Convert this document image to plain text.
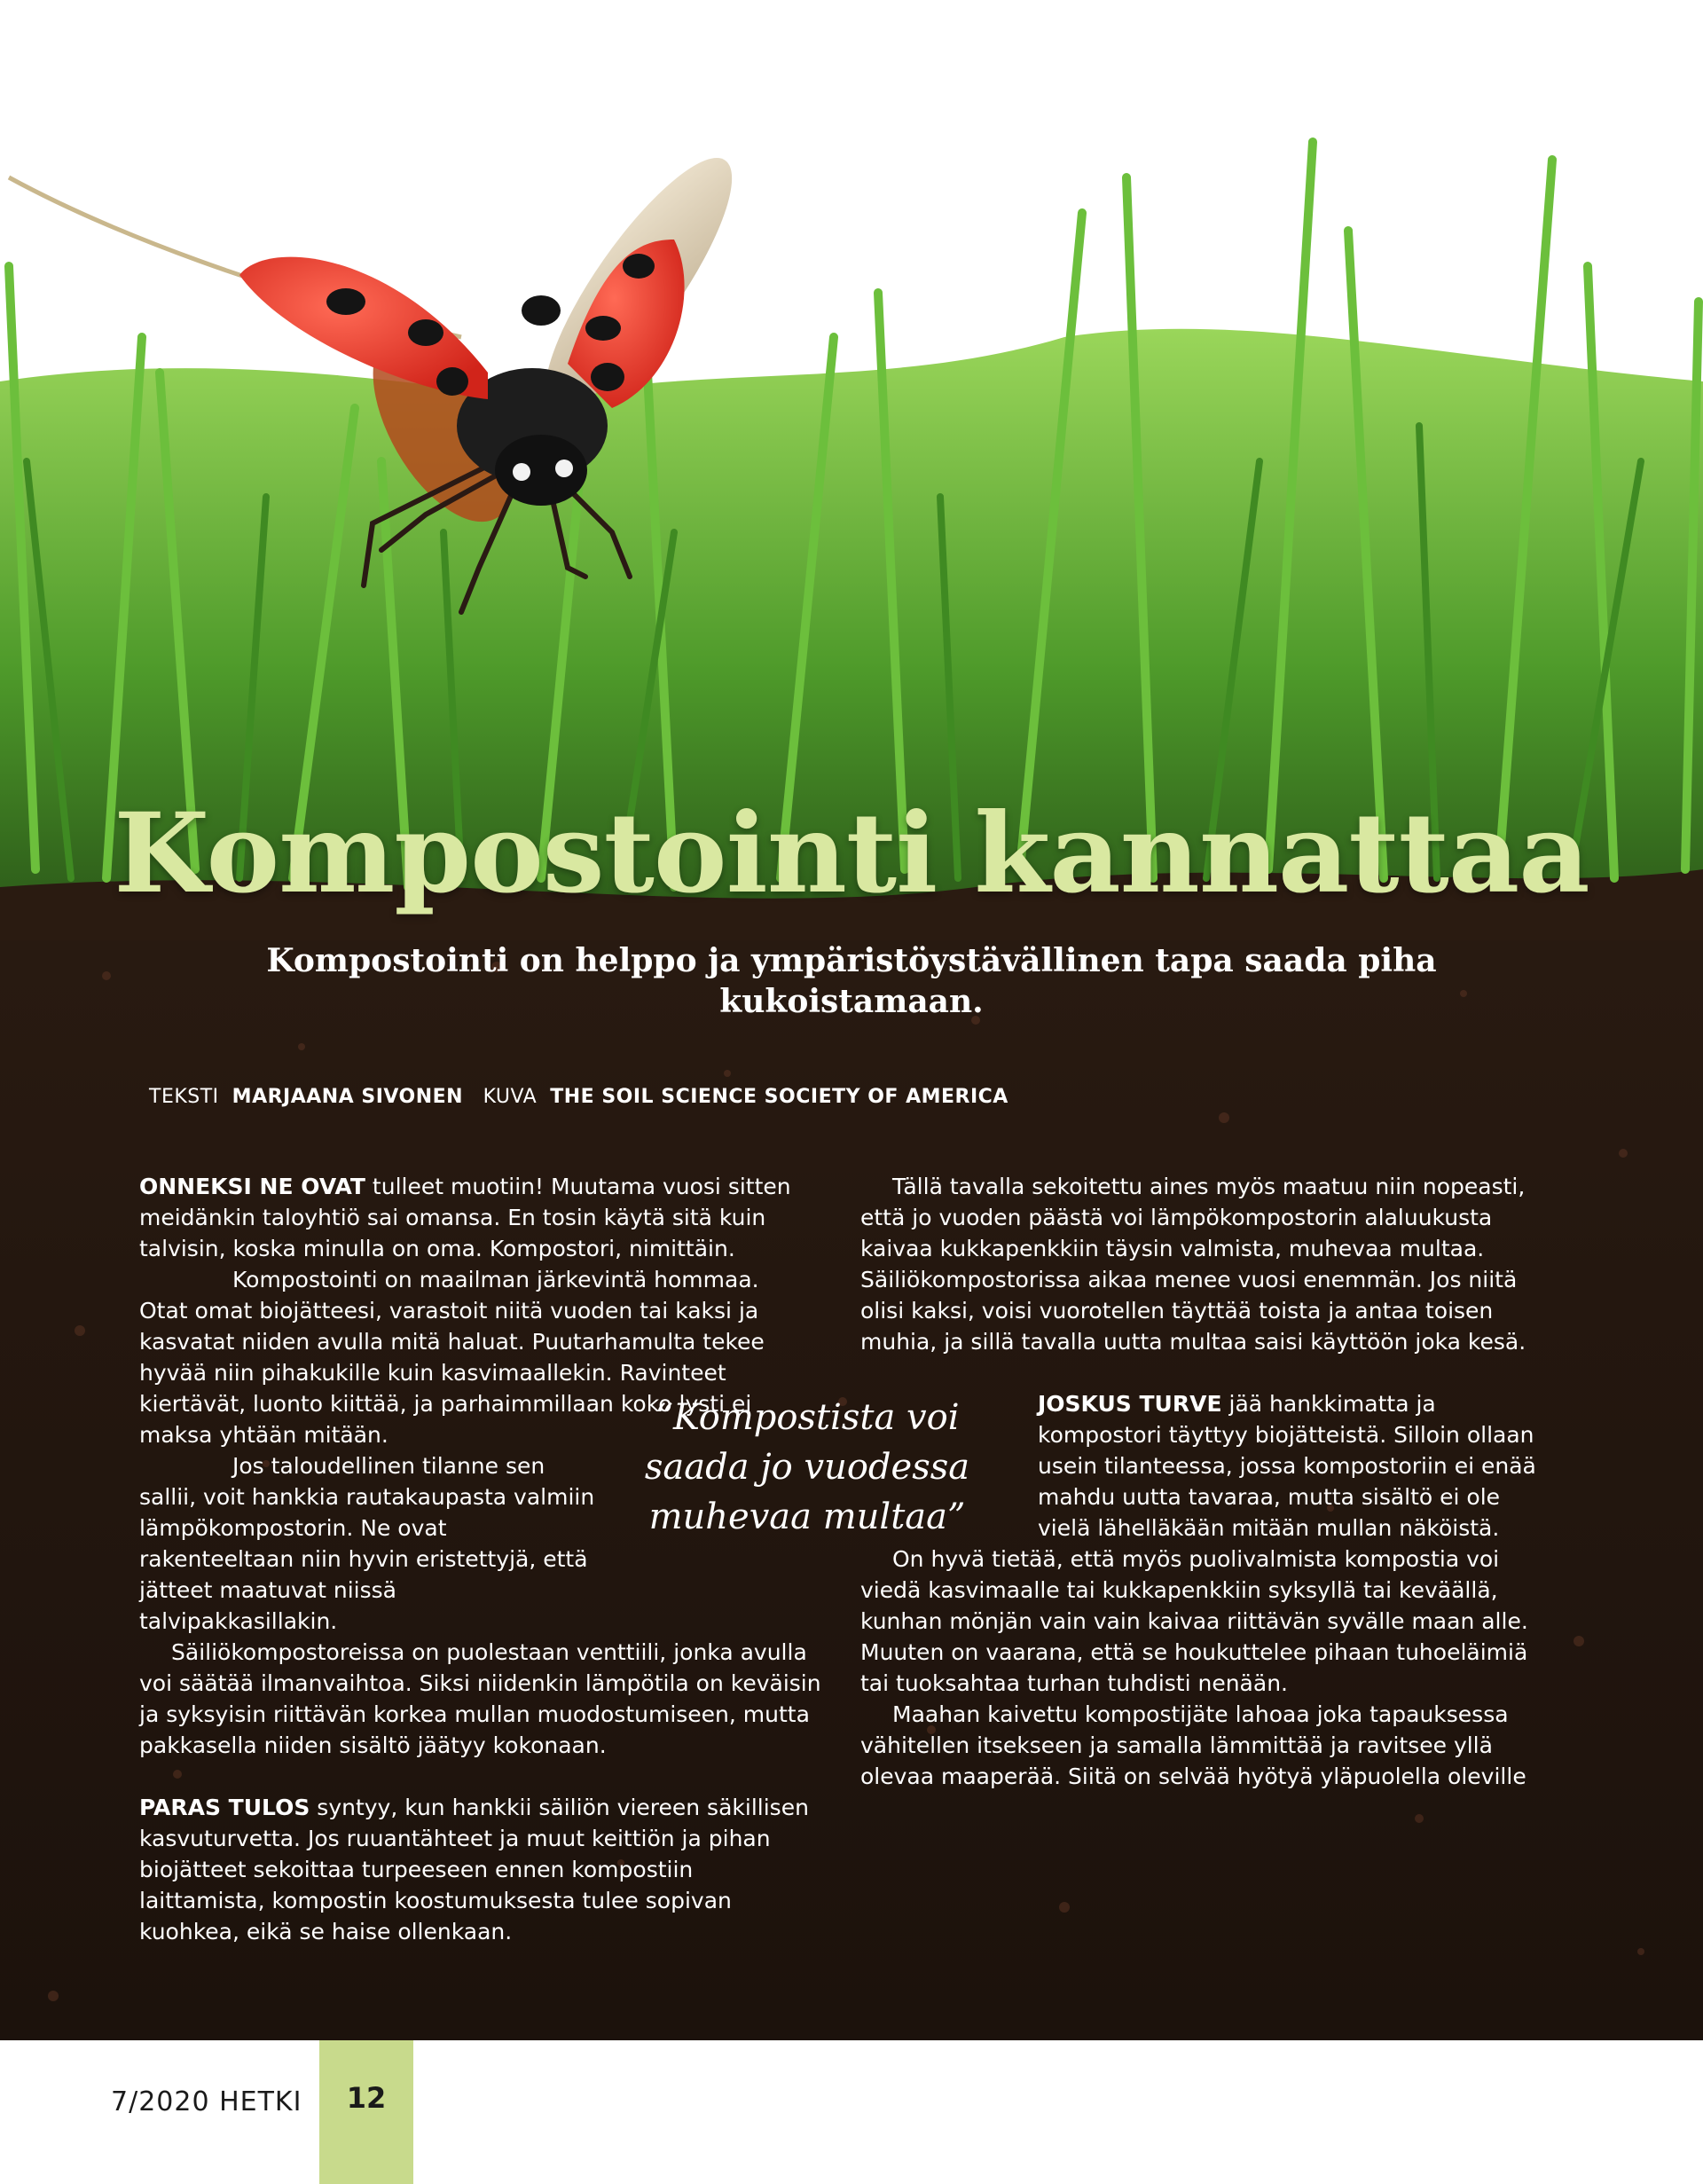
Kompostointi kannattaa

Kompostointi on helppo ja ympäristöystävällinen tapa saada piha kukoistamaan.

TEKSTI MARJAANA SIVONEN KUVA THE SOIL SCIENCE SOCIETY OF AMERICA

ONNEKSI NE OVAT tulleet muotiin! Muutama vuosi sitten meidänkin taloyhtiö sai omansa. En tosin käytä sitä kuin talvisin, koska minulla on oma. Kompostori, nimittäin.

Kompostointi on maailman järkevintä hommaa. Otat omat biojätteesi, varastoit niitä vuoden tai kaksi ja kasvatat niiden avulla mitä haluat. Puutarhamulta tekee hyvää niin pihakukille kuin kasvimaallekin. Ravinteet kiertävät, luonto kiittää, ja parhaimmillaan koko lysti ei maksa yhtään mitään.

Jos taloudellinen tilanne sen sallii, voit hankkia rautakaupasta valmiin lämpökompostorin. Ne ovat rakenteeltaan niin hyvin eristettyjä, että jätteet maatuvat niissä talvipakkasillakin.

Säiliökompostoreissa on puolestaan venttiili, jonka avulla voi säätää ilmanvaihtoa. Siksi niidenkin lämpötila on keväisin ja syksyisin riittävän korkea mullan muodostumiseen, mutta pakkasella niiden sisältö jäätyy kokonaan.

PARAS TULOS syntyy, kun hankkii säiliön viereen säkillisen kasvuturvetta. Jos ruuantähteet ja muut keittiön ja pihan biojätteet sekoittaa turpeeseen ennen kompostiin laittamista, kompostin koostumuksesta tulee sopivan kuohkea, eikä se haise ollenkaan.

“Kompostista voi saada jo vuodessa muhevaa multaa”

Tällä tavalla sekoitettu aines myös maatuu niin nopeasti, että jo vuoden päästä voi lämpökompostorin alaluukusta kaivaa kukkapenkkiin täysin valmista, muhevaa multaa. Säiliökompostorissa aikaa menee vuosi enemmän. Jos niitä olisi kaksi, voisi vuorotellen täyttää toista ja antaa toisen muhia, ja sillä tavalla uutta multaa saisi käyttöön joka kesä.

JOSKUS TURVE jää hankkimatta ja kompostori täyttyy biojätteistä. Silloin ollaan usein tilanteessa, jossa kompostoriin ei enää mahdu uutta tavaraa, mutta sisältö ei ole vielä lähelläkään mitään mullan näköistä.

On hyvä tietää, että myös puolivalmista kompostia voi viedä kasvimaalle tai kukkapenkkiin syksyllä tai keväällä, kunhan mönjän vain vain kaivaa riittävän syvälle maan alle. Muuten on vaarana, että se houkuttelee pihaan tuhoeläimiä tai tuoksahtaa turhan tuhdisti nenään.

Maahan kaivettu kompostijäte lahoaa joka tapauksessa vähitellen itsekseen ja samalla lämmittää ja ravitsee yllä olevaa maaperää. Siitä on selvää hyötyä yläpuolella oleville

7/2020 HETKI	12
